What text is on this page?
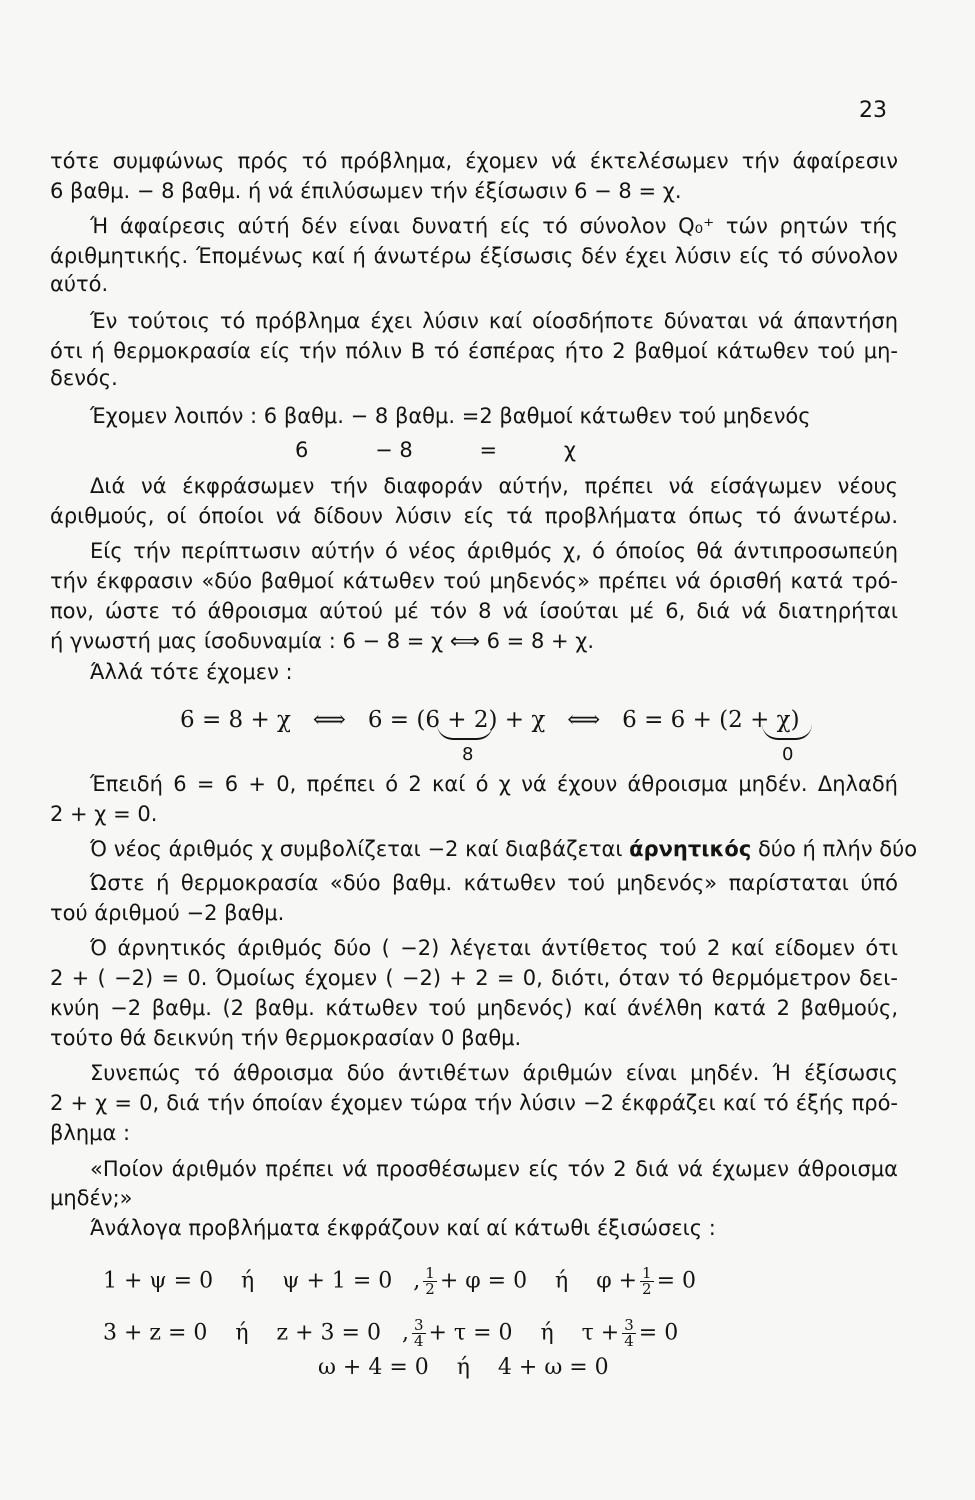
23
τότε συμφώνως πρός τό πρόβλημα, έχομεν νά έκτελέσωμεν τήν άφαίρεσιν
6 βαθμ. − 8 βαθμ. ή νά έπιλύσωμεν τήν έξίσωσιν 6 − 8 = χ.
Ή άφαίρεσις αύτή δέν είναι δυνατή είς τό σύνολον Q₀⁺ τών ρητών τής
άριθμητικής. Έπομένως καί ή άνωτέρω έξίσωσις δέν έχει λύσιν είς τό σύνολον
αύτό.
Έν τούτοις τό πρόβλημα έχει λύσιν καί οίοσδήποτε δύναται νά άπαντήση
ότι ή θερμοκρασία είς τήν πόλιν Β τό έσπέρας ήτο 2 βαθμοί κάτωθεν τού μη-
δενός.
Έχομεν λοιπόν : 6 βαθμ. − 8 βαθμ. =2 βαθμοί κάτωθεν τού μηδενός
6          − 8          =          χ
Διά νά έκφράσωμεν τήν διαφοράν αύτήν, πρέπει νά είσάγωμεν νέους
άριθμούς, οί όποίοι νά δίδουν λύσιν είς τά προβλήματα όπως τό άνωτέρω.
Είς τήν περίπτωσιν αύτήν ό νέος άριθμός χ, ό όποίος θά άντιπροσωπεύη
τήν έκφρασιν «δύο βαθμοί κάτωθεν τού μηδενός» πρέπει νά όρισθή κατά τρό-
πον, ώστε τό άθροισμα αύτού μέ τόν 8 νά ίσούται μέ 6, διά νά διατηρήται
ή γνωστή μας ίσοδυναμία : 6 − 8 = χ ⟺ 6 = 8 + χ.
Άλλά τότε έχομεν :
6 = 8 + χ   ⟺   6 = (6 + 2) + χ   ⟺   6 = 6 + (2 + χ)
8	0
Έπειδή 6 = 6 + 0, πρέπει ό 2 καί ό χ νά έχουν άθροισμα μηδέν. Δηλαδή
2 + χ = 0.
Ό νέος άριθμός χ συμβολίζεται −2 καί διαβάζεται άρνητικός δύο ή πλήν δύο
Ώστε ή θερμοκρασία «δύο βαθμ. κάτωθεν τού μηδενός» παρίσταται ύπό
τού άριθμού −2 βαθμ.
Ό άρνητικός άριθμός δύο ( −2) λέγεται άντίθετος τού 2 καί είδομεν ότι
2 + ( −2) = 0. Όμοίως έχομεν ( −2) + 2 = 0, διότι, όταν τό θερμόμετρον δει-
κνύη −2 βαθμ. (2 βαθμ. κάτωθεν τού μηδενός) καί άνέλθη κατά 2 βαθμούς,
τούτο θά δεικνύη τήν θερμοκρασίαν 0 βαθμ.
Συνεπώς τό άθροισμα δύο άντιθέτων άριθμών είναι μηδέν. Ή έξίσωσις
2 + χ = 0, διά τήν όποίαν έχομεν τώρα τήν λύσιν −2 έκφράζει καί τό έξής πρό-
βλημα :
«Ποίον άριθμόν πρέπει νά προσθέσωμεν είς τόν 2 διά νά έχωμεν άθροισμα
μηδέν;»
Άνάλογα προβλήματα έκφράζουν καί αί κάτωθι έξισώσεις :
1 + ψ = 0    ή    ψ + 1 = 0   , $\frac{1}{2} + \varphi = 0$    ή    $\varphi + \frac{1}{2} = 0$
3 + z = 0    ή    z + 3 = 0   , $\frac{3}{4} + \tau = 0$    ή    $\tau + \frac{3}{4} = 0$
ω + 4 = 0    ή    4 + ω = 0
